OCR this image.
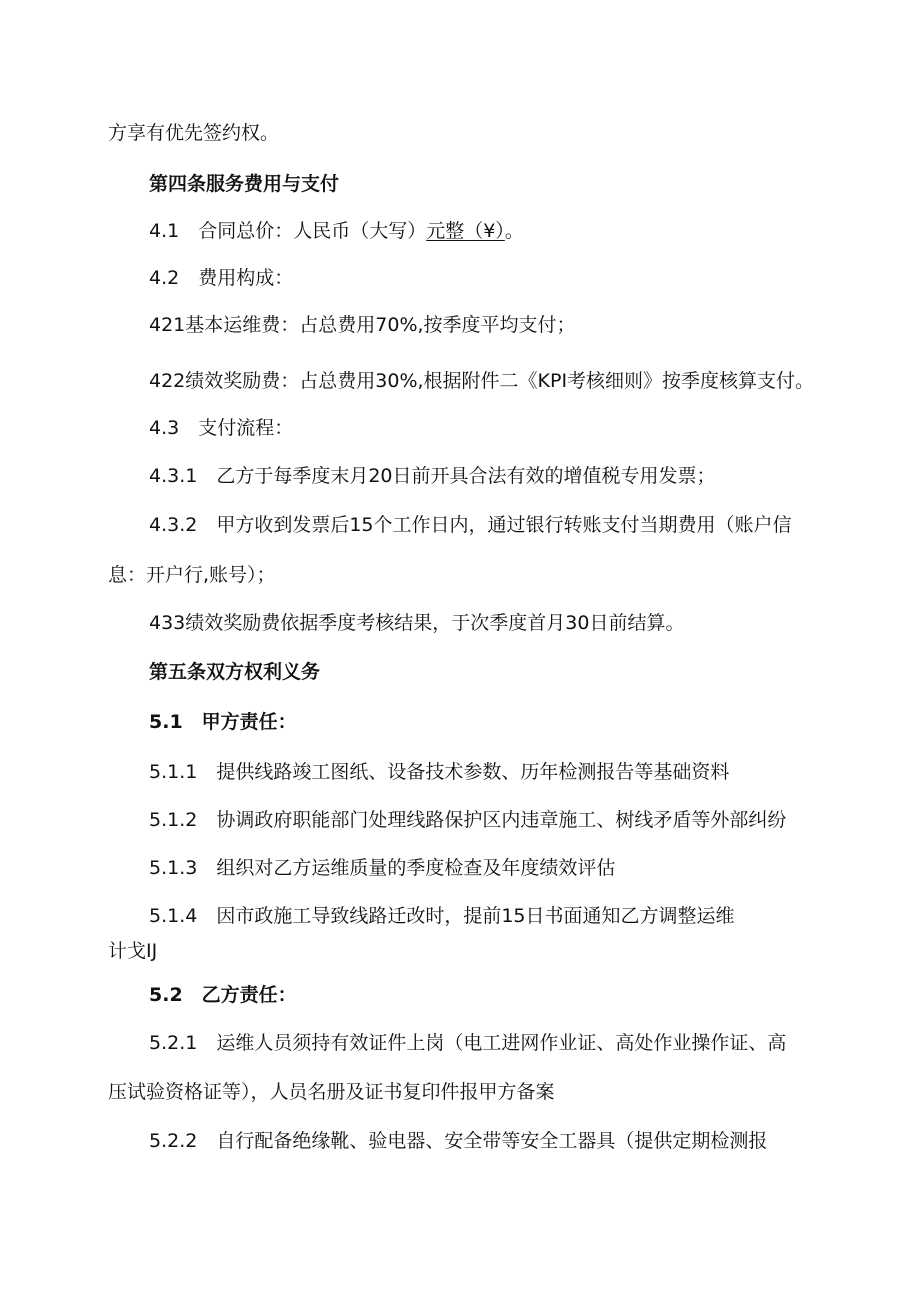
方享有优先签约权。
第四条服务费用与支付
4.1　合同总价：人民币（大写）元整（¥）。
4.2　费用构成：
421基本运维费：占总费用70%,按季度平均支付；
422绩效奖励费：占总费用30%,根据附件二《KPI考核细则》按季度核算支付。
4.3　支付流程：
4.3.1　乙方于每季度末月20日前开具合法有效的增值税专用发票；
4.3.2　甲方收到发票后15个工作日内，通过银行转账支付当期费用（账户信
息：开户行,账号）；
433绩效奖励费依据季度考核结果，于次季度首月30日前结算。
第五条双方权利义务
5.1　甲方责任：
5.1.1　提供线路竣工图纸、设备技术参数、历年检测报告等基础资料
5.1.2　协调政府职能部门处理线路保护区内违章施工、树线矛盾等外部纠纷
5.1.3　组织对乙方运维质量的季度检查及年度绩效评估
5.1.4　因市政施工导致线路迁改时，提前15日书面通知乙方调整运维
计戈IJ
5.2　乙方责任：
5.2.1　运维人员须持有效证件上岗（电工进网作业证、高处作业操作证、高
压试验资格证等），人员名册及证书复印件报甲方备案
5.2.2　自行配备绝缘靴、验电器、安全带等安全工器具（提供定期检测报
